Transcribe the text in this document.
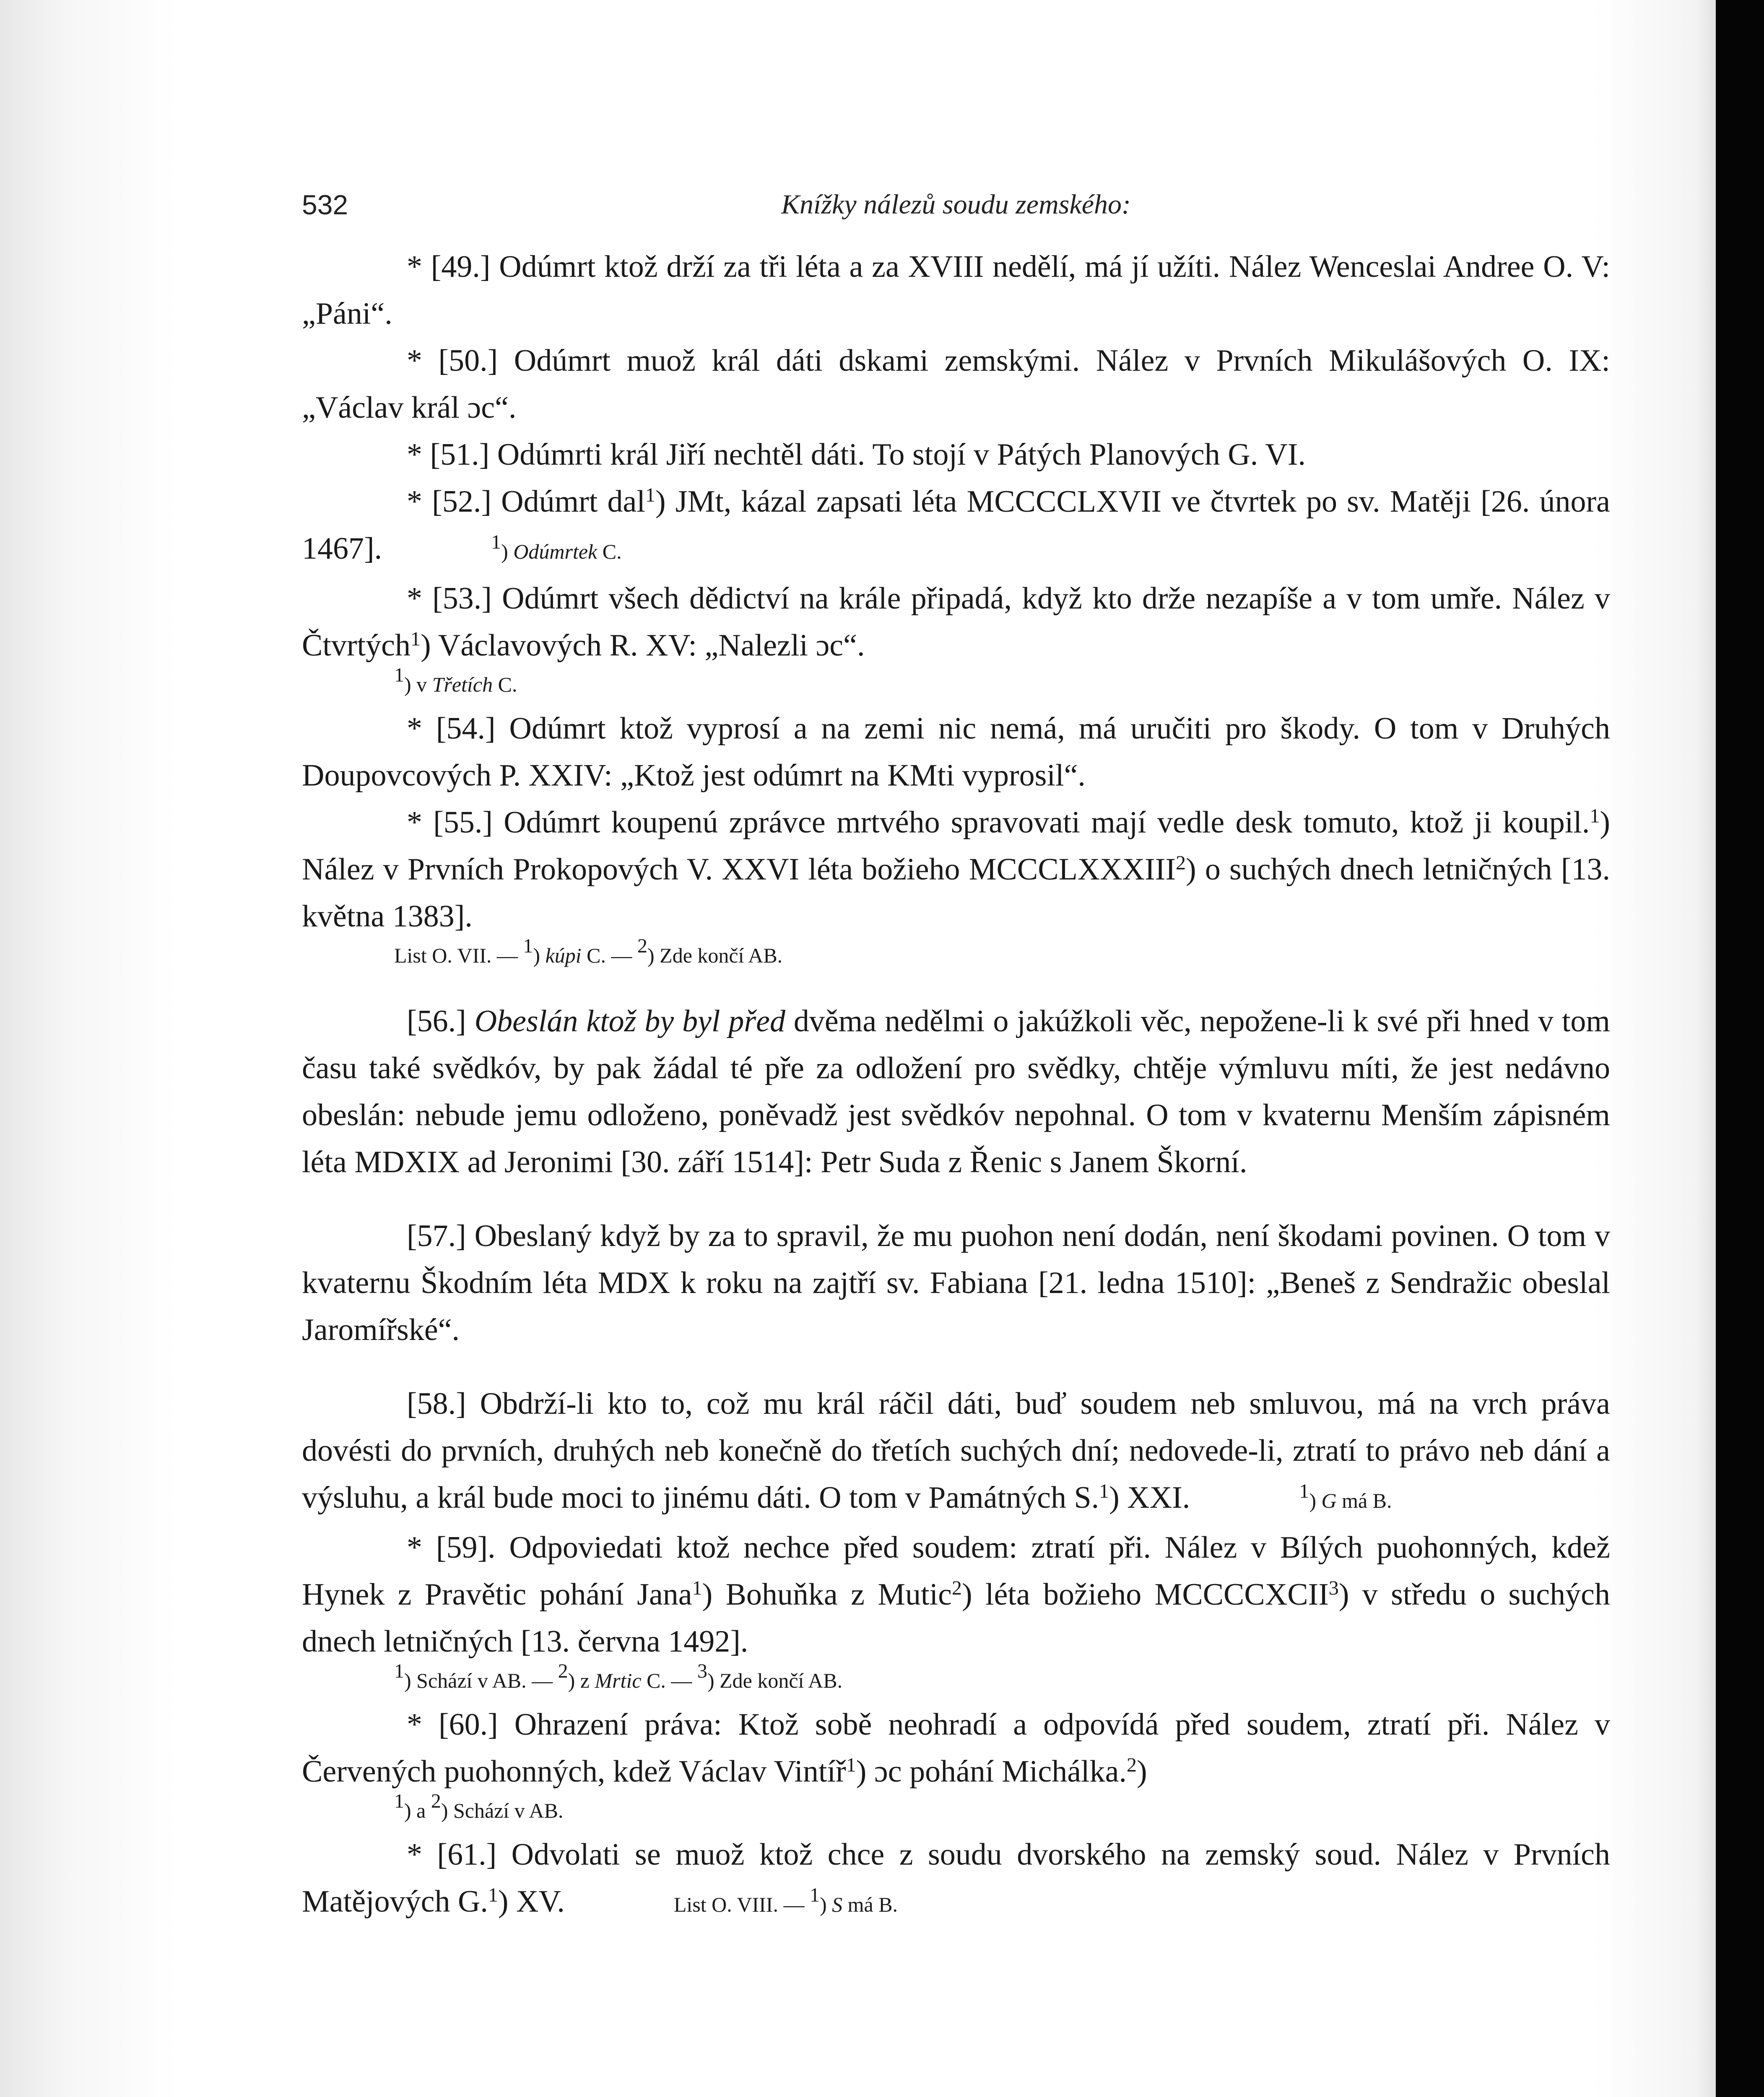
532	Knížky nálezů soudu zemského:

* [49.] Odúmrt ktož drží za tři léta a za XVIII nedělí, má jí užíti. Nález Wenceslai Andree O. V: „Páni“.

* [50.] Odúmrt muož král dáti dskami zemskými. Nález v Prvních Mikulášových O. IX: „Václav král ɔc“.

* [51.] Odúmrti král Jiří nechtěl dáti. To stojí v Pátých Planových G. VI.

* [52.] Odúmrt dal$^1$) JMt, kázal zapsati léta MCCCCLXVII ve čtvrtek po sv. Matěji [26. února 1467].	1) Odúmrtek C.

* [53.] Odúmrt všech dědictví na krále připadá, když kto drže nezapíše a v tom umře. Nález v Čtvrtých$^1$) Václavových R. XV: „Nalezli ɔc“.

1) v Třetích C.

* [54.] Odúmrt ktož vyprosí a na zemi nic nemá, má uručiti pro škody. O tom v Druhých Doupovcových P. XXIV: „Ktož jest odúmrt na KMti vyprosil“.

* [55.] Odúmrt koupenú zprávce mrtvého spravovati mají vedle desk tomuto, ktož ji koupil.$^1$) Nález v Prvních Prokopových V. XXVI léta božieho MCCCLXXXIII$^2$) o suchých dnech letničných [13. května 1383].

List O. VII. — 1) kúpi C. — 2) Zde končí AB.

[56.] Obeslán ktož by byl před dvěma nedělmi o jakúžkoli věc, nepožene-li k své při hned v tom času také svědkóv, by pak žádal té pře za odložení pro svědky, chtěje výmluvu míti, že jest nedávno obeslán: nebude jemu odloženo, poněvadž jest svědkóv nepohnal. O tom v kvaternu Menším zápisném léta MDXIX ad Jeronimi [30. září 1514]: Petr Suda z Řenic s Janem Škorní.

[57.] Obeslaný když by za to spravil, že mu puohon není dodán, není škodami povinen. O tom v kvaternu Škodním léta MDX k roku na zajtří sv. Fabiana [21. ledna 1510]: „Beneš z Sendražic obeslal Jaromířské“.

[58.] Obdrží-li kto to, což mu král ráčil dáti, buď soudem neb smluvou, má na vrch práva dovésti do prvních, druhých neb konečně do třetích suchých dní; nedovede-li, ztratí to právo neb dání a výsluhu, a král bude moci to jinému dáti. O tom v Památných S.$^1$) XXI.	1) G má B.

* [59]. Odpoviedati ktož nechce před soudem: ztratí při. Nález v Bílých puohonných, kdež Hynek z Pravětic pohání Jana$^1$) Bohuňka z Mutic$^2$) léta božieho MCCCCXCII$^3$) v středu o suchých dnech letničných [13. června 1492].

1) Schází v AB. — 2) z Mrtic C. — 3) Zde končí AB.

* [60.] Ohrazení práva: Ktož sobě neohradí a odpovídá před soudem, ztratí při. Nález v Červených puohonných, kdež Václav Vintíř$^1$) ɔc pohání Michálka.$^2$)

1) a 2) Schází v AB.

* [61.] Odvolati se muož ktož chce z soudu dvorského na zemský soud. Nález v Prvních Matějových G.$^1$) XV.	List O. VIII. — 1) S má B.
